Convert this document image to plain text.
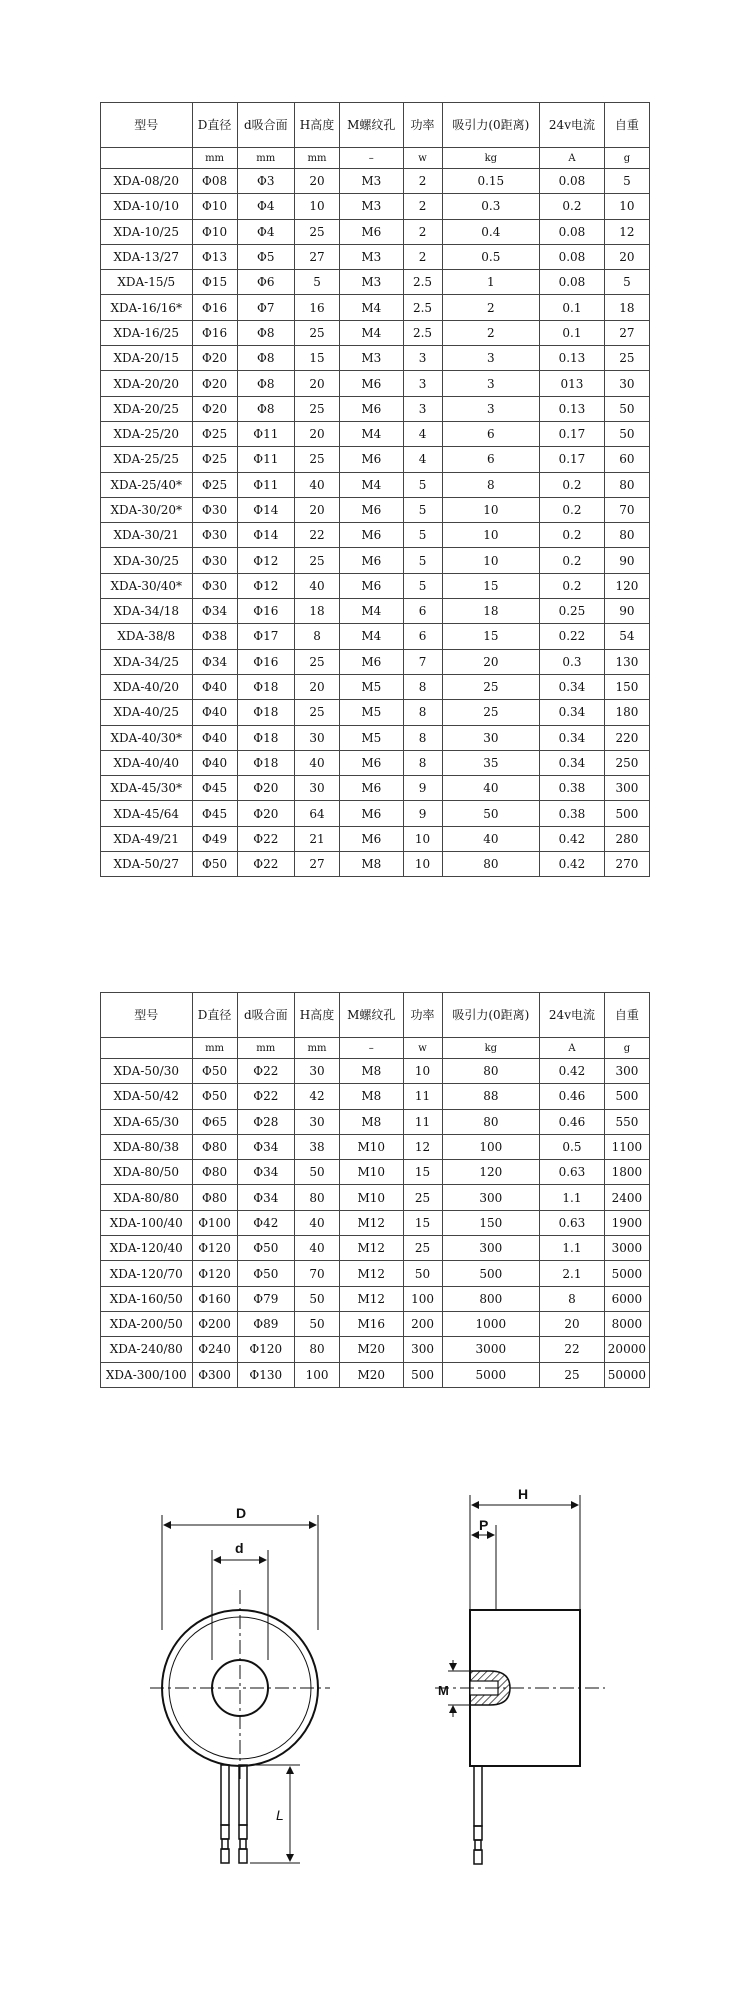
型号	D直径	d吸合面	H高度	M螺纹孔	功率	吸引力(0距离)	24v电流	自重
	mm	mm	mm	–	w	kg	A	g
XDA-08/20	Φ08	Φ3	20	M3	2	0.15	0.08	5
XDA-10/10	Φ10	Φ4	10	M3	2	0.3	0.2	10
XDA-10/25	Φ10	Φ4	25	M6	2	0.4	0.08	12
XDA-13/27	Φ13	Φ5	27	M3	2	0.5	0.08	20
XDA-15/5	Φ15	Φ6	5	M3	2.5	1	0.08	5
XDA-16/16*	Φ16	Φ7	16	M4	2.5	2	0.1	18
XDA-16/25	Φ16	Φ8	25	M4	2.5	2	0.1	27
XDA-20/15	Φ20	Φ8	15	M3	3	3	0.13	25
XDA-20/20	Φ20	Φ8	20	M6	3	3	013	30
XDA-20/25	Φ20	Φ8	25	M6	3	3	0.13	50
XDA-25/20	Φ25	Φ11	20	M4	4	6	0.17	50
XDA-25/25	Φ25	Φ11	25	M6	4	6	0.17	60
XDA-25/40*	Φ25	Φ11	40	M4	5	8	0.2	80
XDA-30/20*	Φ30	Φ14	20	M6	5	10	0.2	70
XDA-30/21	Φ30	Φ14	22	M6	5	10	0.2	80
XDA-30/25	Φ30	Φ12	25	M6	5	10	0.2	90
XDA-30/40*	Φ30	Φ12	40	M6	5	15	0.2	120
XDA-34/18	Φ34	Φ16	18	M4	6	18	0.25	90
XDA-38/8	Φ38	Φ17	8	M4	6	15	0.22	54
XDA-34/25	Φ34	Φ16	25	M6	7	20	0.3	130
XDA-40/20	Φ40	Φ18	20	M5	8	25	0.34	150
XDA-40/25	Φ40	Φ18	25	M5	8	25	0.34	180
XDA-40/30*	Φ40	Φ18	30	M5	8	30	0.34	220
XDA-40/40	Φ40	Φ18	40	M6	8	35	0.34	250
XDA-45/30*	Φ45	Φ20	30	M6	9	40	0.38	300
XDA-45/64	Φ45	Φ20	64	M6	9	50	0.38	500
XDA-49/21	Φ49	Φ22	21	M6	10	40	0.42	280
XDA-50/27	Φ50	Φ22	27	M8	10	80	0.42	270
型号	D直径	d吸合面	H高度	M螺纹孔	功率	吸引力(0距离)	24v电流	自重
	mm	mm	mm	–	w	kg	A	g
XDA-50/30	Φ50	Φ22	30	M8	10	80	0.42	300
XDA-50/42	Φ50	Φ22	42	M8	11	88	0.46	500
XDA-65/30	Φ65	Φ28	30	M8	11	80	0.46	550
XDA-80/38	Φ80	Φ34	38	M10	12	100	0.5	1100
XDA-80/50	Φ80	Φ34	50	M10	15	120	0.63	1800
XDA-80/80	Φ80	Φ34	80	M10	25	300	1.1	2400
XDA-100/40	Φ100	Φ42	40	M12	15	150	0.63	1900
XDA-120/40	Φ120	Φ50	40	M12	25	300	1.1	3000
XDA-120/70	Φ120	Φ50	70	M12	50	500	2.1	5000
XDA-160/50	Φ160	Φ79	50	M12	100	800	8	6000
XDA-200/50	Φ200	Φ89	50	M16	200	1000	20	8000
XDA-240/80	Φ240	Φ120	80	M20	300	3000	22	20000
XDA-300/100	Φ300	Φ130	100	M20	500	5000	25	50000
D
d
L
H
P
M
